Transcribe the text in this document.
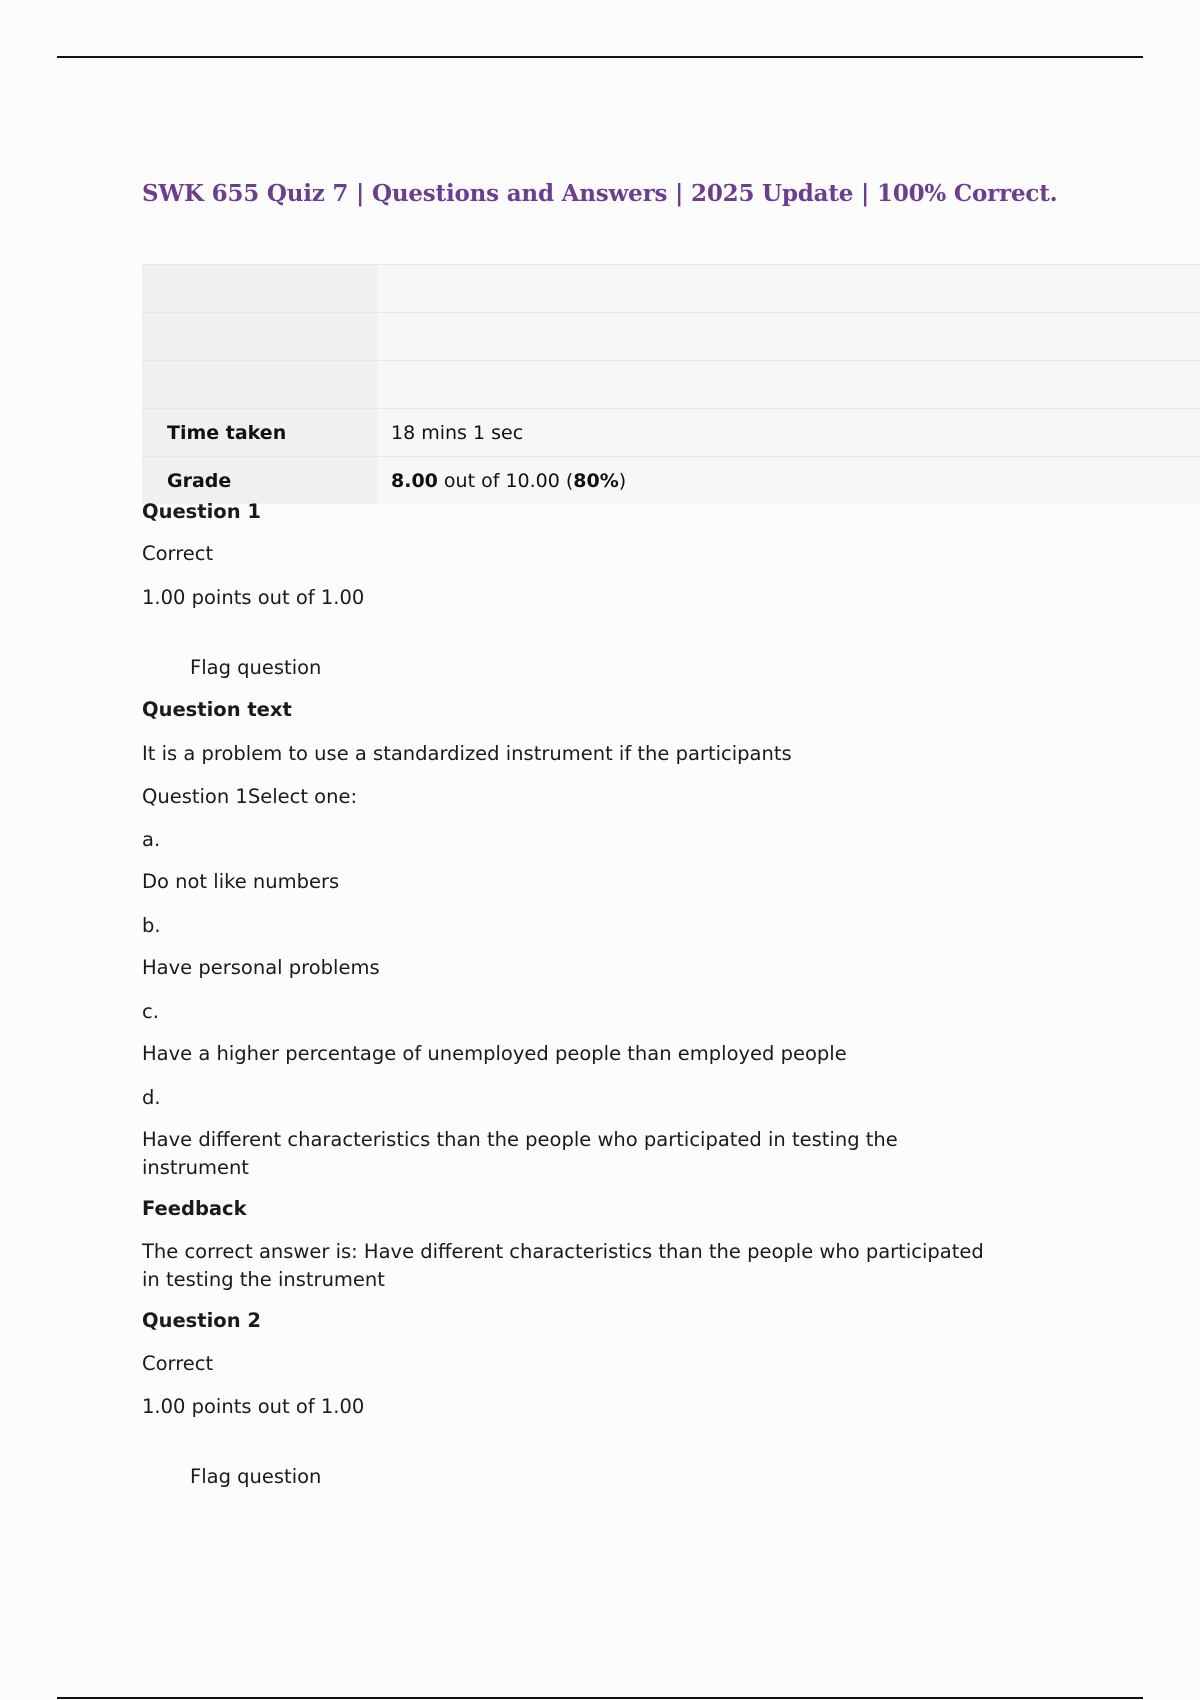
SWK 655 Quiz 7 | Questions and Answers | 2025 Update | 100% Correct.

Time taken	18 mins 1 sec
Grade	8.00 out of 10.00 (80%)
Question 1
Correct
1.00 points out of 1.00
Flag question
Question text
It is a problem to use a standardized instrument if the participants
Question 1Select one:
a.
Do not like numbers
b.
Have personal problems
c.
Have a higher percentage of unemployed people than employed people
d.
Have different characteristics than the people who participated in testing the instrument
Feedback
The correct answer is: Have different characteristics than the people who participated in testing the instrument
Question 2
Correct
1.00 points out of 1.00
Flag question
